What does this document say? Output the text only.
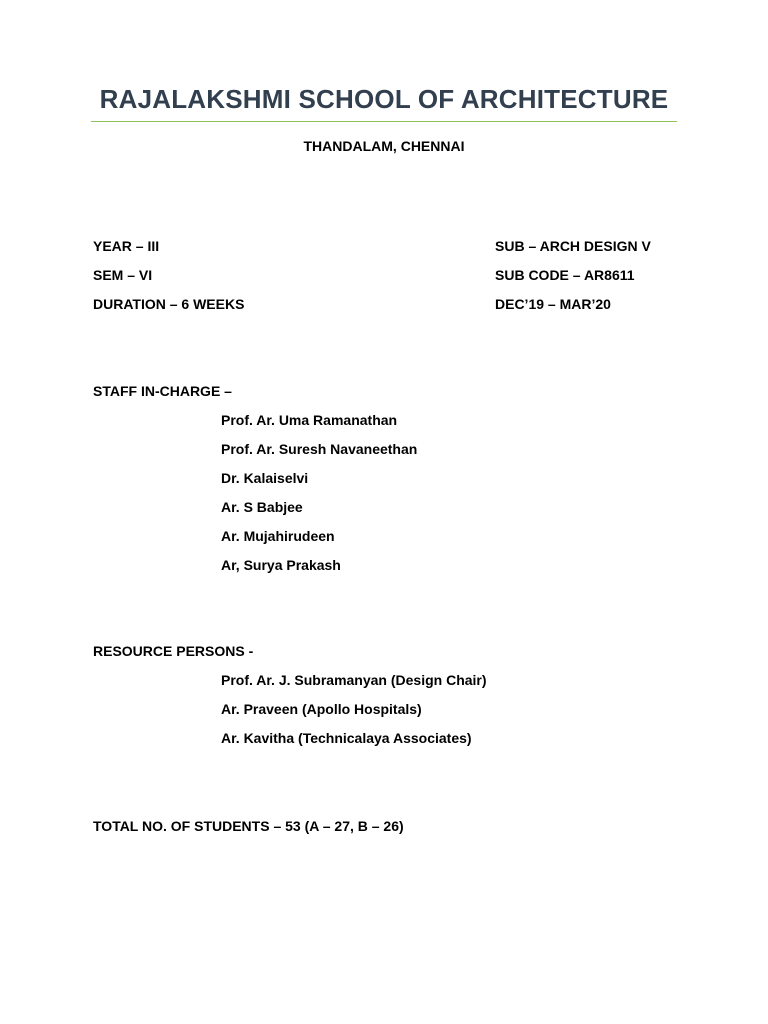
RAJALAKSHMI SCHOOL OF ARCHITECTURE
THANDALAM, CHENNAI
YEAR – III
SEM – VI
DURATION – 6 WEEKS
SUB – ARCH DESIGN V
SUB CODE – AR8611
DEC’19 – MAR’20
STAFF IN-CHARGE –
Prof. Ar. Uma Ramanathan
Prof. Ar. Suresh Navaneethan
Dr. Kalaiselvi
Ar. S Babjee
Ar. Mujahirudeen
Ar, Surya Prakash
RESOURCE PERSONS -
Prof. Ar. J. Subramanyan (Design Chair)
Ar. Praveen (Apollo Hospitals)
Ar. Kavitha (Technicalaya Associates)
TOTAL NO. OF STUDENTS – 53 (A – 27, B – 26)
